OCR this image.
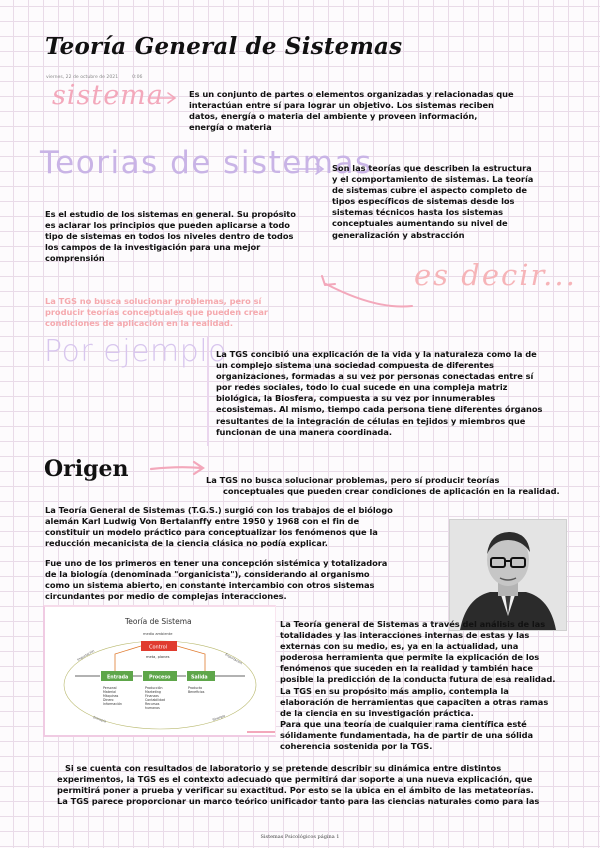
Teoría General de Sistemas
viernes, 22 de octubre de 2021	0:06

sistema	Es un conjunto de partes o elementos organizadas y relacionadas que
interactúan entre sí para lograr un objetivo. Los sistemas reciben
datos, energía o materia del ambiente y proveen información,
energía o materia

Teorias de sistemas

Son las teorías que describen la estructura
y el comportamiento de sistemas. La teoría
de sistemas cubre el aspecto completo de
tipos específicos de sistemas desde los
sistemas técnicos hasta los sistemas
conceptuales aumentando su nivel de
generalización y abstracción
Es el estudio de los sistemas en general. Su propósito
es aclarar los principios que pueden aplicarse a todo
tipo de sistemas en todos los niveles dentro de todos
los campos de la investigación para una mejor
comprensión	es decir...

La TGS no busca solucionar problemas, pero sí
producir teorías conceptuales que pueden crear
condiciones de aplicación en la realidad.

Por ejemplo

La TGS concibió una explicación de la vida y la naturaleza como la de
un complejo sistema una sociedad compuesta de diferentes
organizaciones, formadas a su vez por personas conectadas entre sí
por redes sociales, todo lo cual sucede en una compleja matriz
biológica, la Biosfera, compuesta a su vez por innumerables
ecosistemas. Al mismo, tiempo cada persona tiene diferentes órganos
resultantes de la integración de células en tejidos y miembros que
funcionan de una manera coordinada.
Origen	La TGS no busca solucionar problemas, pero sí producir teorías
conceptuales que pueden crear condiciones de aplicación en la realidad.
La Teoría General de Sistemas (T.G.S.) surgió con los trabajos de el biólogo
alemán Karl Ludwig Von Bertalanffy entre 1950 y 1968 con el fin de
constituir un modelo práctico para conceptualizar los fenómenos que la
reducción mecanicista de la ciencia clásica no podía explicar.
Fue uno de los primeros en tener una concepción sistémica y totalizadora
de la biología (denominada "organicista"), considerando al organismo
como un sistema abierto, en constante intercambio con otros sistemas
circundantes por medio de complejas interacciones.
Teoría de Sistema
medio ambiente
Control
meta, planes
Entrada	Proceso	Salida
Personal
Material
Máquinas
Dinero
Información
Producción
Marketing
Finanzas
Contabilidad
Recursos
humanos
Producto
Beneficios
Importación	Exportación
Entropía	Sinergia
La Teoría general de Sistemas a través del análisis de las
totalidades y las interacciones internas de estas y las
externas con su medio, es, ya en la actualidad, una
poderosa herramienta que permite la explicación de los
fenómenos que suceden en la realidad y también hace
posible la predicción de la conducta futura de esa realidad.
La TGS en su propósito más amplio, contempla la
elaboración de herramientas que capaciten a otras ramas
de la ciencia en su investigación práctica.
Para que una teoría de cualquier rama científica esté
sólidamente fundamentada, ha de partir de una sólida
coherencia sostenida por la TGS.
Si se cuenta con resultados de laboratorio y se pretende describir su dinámica entre distintos
experimentos, la TGS es el contexto adecuado que permitirá dar soporte a una nueva explicación, que
permitirá poner a prueba y verificar su exactitud. Por esto se la ubica en el ámbito de las metateorías.
La TGS parece proporcionar un marco teórico unificador tanto para las ciencias naturales como para las
Sistemas Psicológicos página 1
